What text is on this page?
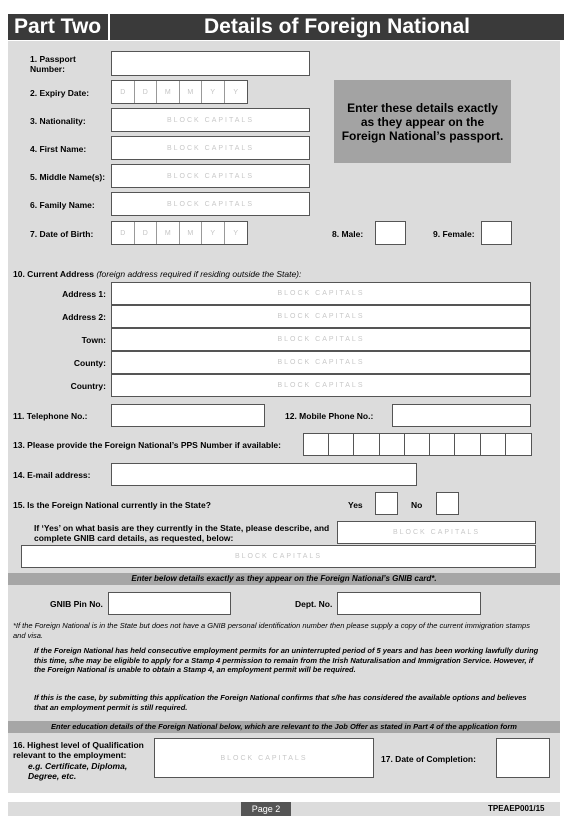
Part Two	Details of Foreign National
1. Passport
Number:
Enter these details exactly as they appear on the Foreign National’s passport.
2. Expiry Date:	D	D	M	M	Y	Y
3. Nationality:	BLOCK CAPITALS
4. First Name:	BLOCK CAPITALS
5. Middle Name(s):	BLOCK CAPITALS
6. Family Name:	BLOCK CAPITALS
7. Date of Birth:	D	D	M	M	Y	Y	8. Male:	9. Female:
10. Current Address (foreign address required if residing outside the State):
Address 1:	BLOCK CAPITALS
Address 2:	BLOCK CAPITALS
Town:	BLOCK CAPITALS
County:	BLOCK CAPITALS
Country:	BLOCK CAPITALS
11. Telephone No.:	12. Mobile Phone No.:
13. Please provide the Foreign National’s PPS Number if available:
14. E-mail address:
15. Is the Foreign National currently in the State?	Yes	No
If ‘Yes’ on what basis are they currently in the State, please describe, and complete GNIB card details, as requested, below:
BLOCK CAPITALS
BLOCK CAPITALS
Enter below details exactly as they appear on the Foreign National’s GNIB card*.
GNIB Pin No.	Dept. No.
*If the Foreign National is in the State but does not have a GNIB personal identification number then please supply a copy of the current immigration stamps and visa.
If the Foreign National has held consecutive employment permits for an uninterrupted period of 5 years and has been working lawfully during this time, s/he may be eligible to apply for a Stamp 4 permission to remain from the Irish Naturalisation and Immigration Service. However, if the Foreign National is unable to obtain a Stamp 4, an employment permit will be required.
If this is the case, by submitting this application the Foreign National confirms that s/he has considered the available options and believes that an employment permit is still required.
Enter education details of the Foreign National below, which are relevant to the Job Offer as stated in Part 4 of the application form
16. Highest level of Qualification relevant to the employment:
e.g. Certificate, Diploma, Degree, etc.
BLOCK CAPITALS	17. Date of Completion:
Page 2	TPEAEP001/15
